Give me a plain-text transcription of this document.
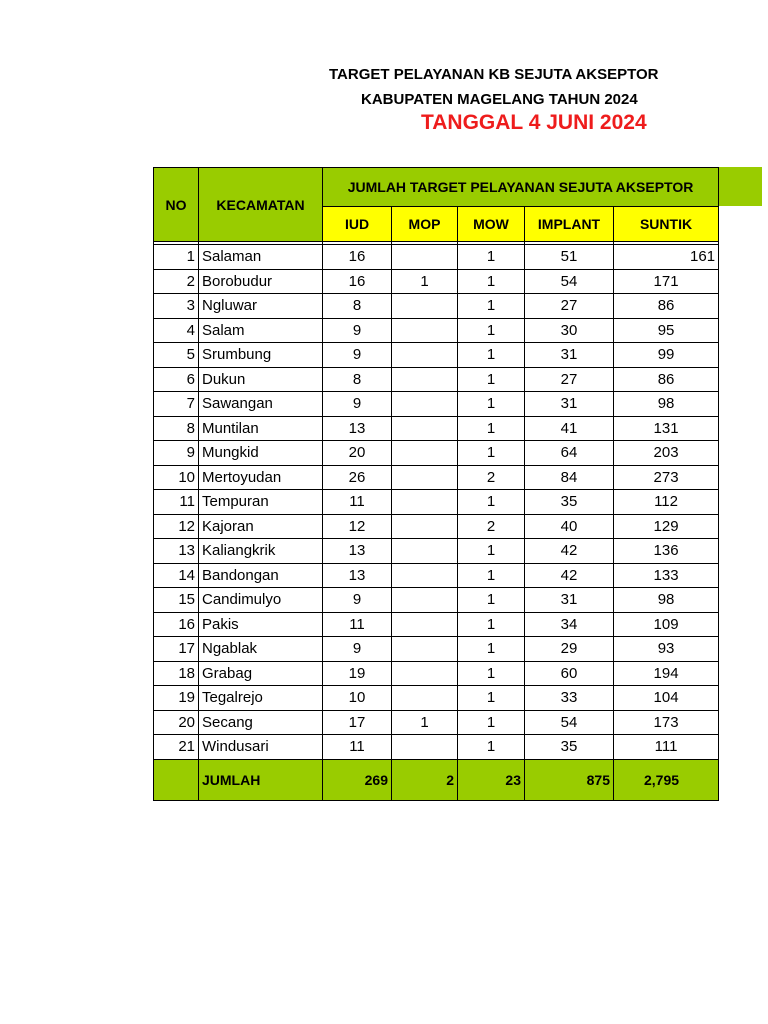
TARGET PELAYANAN KB SEJUTA AKSEPTOR
KABUPATEN MAGELANG TAHUN 2024
TANGGAL 4 JUNI 2024
NO	KECAMATAN	JUMLAH TARGET PELAYANAN SEJUTA AKSEPTOR				
		IUD	MOP	MOW	IMPLANT	SUNTIK

1	Salaman	16		1	51	161
2	Borobudur	16	1	1	54	171
3	Ngluwar	8		1	27	86
4	Salam	9		1	30	95
5	Srumbung	9		1	31	99
6	Dukun	8		1	27	86
7	Sawangan	9		1	31	98
8	Muntilan	13		1	41	131
9	Mungkid	20		1	64	203
10	Mertoyudan	26		2	84	273
11	Tempuran	11		1	35	112
12	Kajoran	12		2	40	129
13	Kaliangkrik	13		1	42	136
14	Bandongan	13		1	42	133
15	Candimulyo	9		1	31	98
16	Pakis	11		1	34	109
17	Ngablak	9		1	29	93
18	Grabag	19		1	60	194
19	Tegalrejo	10		1	33	104
20	Secang	17	1	1	54	173
21	Windusari	11		1	35	111
	JUMLAH	269	2	23	875	2,795
